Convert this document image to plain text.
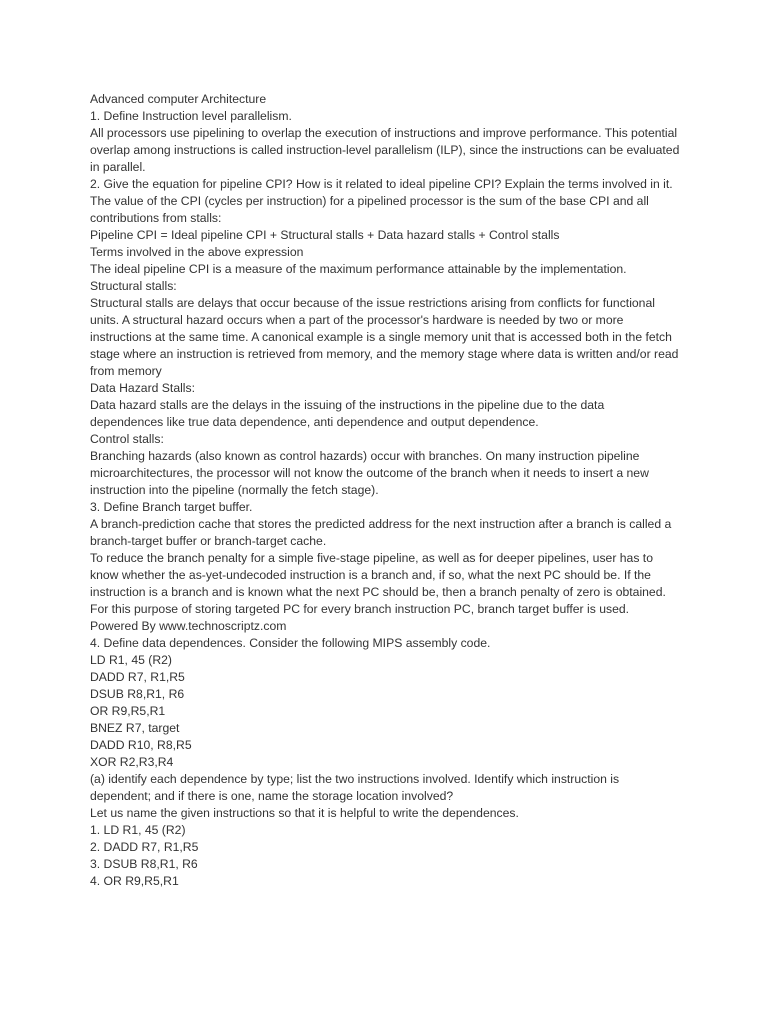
Advanced computer Architecture

1. Define Instruction level parallelism.

All processors use pipelining to overlap the execution of instructions and improve performance. This potential overlap among instructions is called instruction-level parallelism (ILP), since the instructions can be evaluated in parallel.

2. Give the equation for pipeline CPI? How is it related to ideal pipeline CPI? Explain the terms involved in it.

The value of the CPI (cycles per instruction) for a pipelined processor is the sum of the base CPI and all contributions from stalls:

Pipeline CPI = Ideal pipeline CPI + Structural stalls + Data hazard stalls + Control stalls

Terms involved in the above expression

The ideal pipeline CPI is a measure of the maximum performance attainable by the implementation.

Structural stalls:

Structural stalls are delays that occur because of the issue restrictions arising from conflicts for functional units. A structural hazard occurs when a part of the processor's hardware is needed by two or more instructions at the same time. A canonical example is a single memory unit that is accessed both in the fetch stage where an instruction is retrieved from memory, and the memory stage where data is written and/or read from memory

Data Hazard Stalls:

Data hazard stalls are the delays in the issuing of the instructions in the pipeline due to the data dependences like true data dependence, anti dependence and output dependence.

Control stalls:

Branching hazards (also known as control hazards) occur with branches. On many instruction pipeline microarchitectures, the processor will not know the outcome of the branch when it needs to insert a new instruction into the pipeline (normally the fetch stage).

3. Define Branch target buffer.

A branch-prediction cache that stores the predicted address for the next instruction after a branch is called a branch-target buffer or branch-target cache.

To reduce the branch penalty for a simple five-stage pipeline, as well as for deeper pipelines, user has to know whether the as-yet-undecoded instruction is a branch and, if so, what the next PC should be. If the instruction is a branch and is known what the next PC should be, then a branch penalty of zero is obtained. For this purpose of storing targeted PC for every branch instruction PC, branch target buffer is used.

Powered By www.technoscriptz.com

4. Define data dependences. Consider the following MIPS assembly code.

LD R1, 45 (R2)

DADD R7, R1,R5

DSUB R8,R1, R6

OR R9,R5,R1

BNEZ R7, target

DADD R10, R8,R5

XOR R2,R3,R4

(a) identify each dependence by type; list the two instructions involved. Identify which instruction is dependent; and if there is one, name the storage location involved?

Let us name the given instructions so that it is helpful to write the dependences.

1. LD R1, 45 (R2)

2. DADD R7, R1,R5

3. DSUB R8,R1, R6

4. OR R9,R5,R1
